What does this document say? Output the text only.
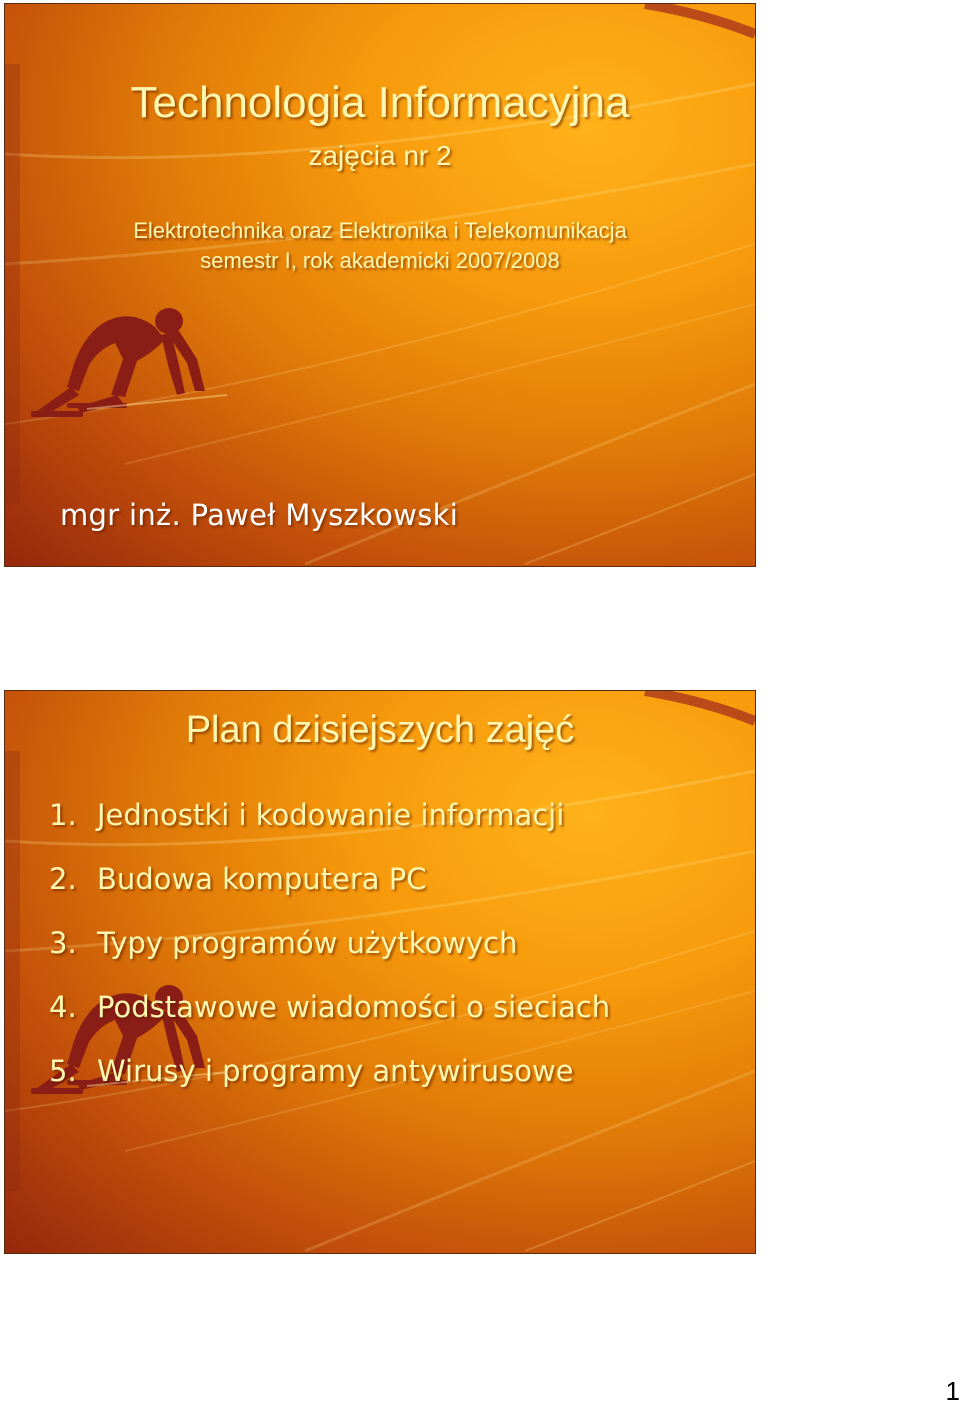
Technologia Informacyjna
zajęcia nr 2
Elektrotechnika oraz Elektronika i Telekomunikacja
semestr I, rok akademicki 2007/2008
mgr inż. Paweł Myszkowski
Plan dzisiejszych zajęć
1. Jednostki i kodowanie informacji
2. Budowa komputera PC
3. Typy programów użytkowych
4. Podstawowe wiadomości o sieciach
5. Wirusy i programy antywirusowe
1
